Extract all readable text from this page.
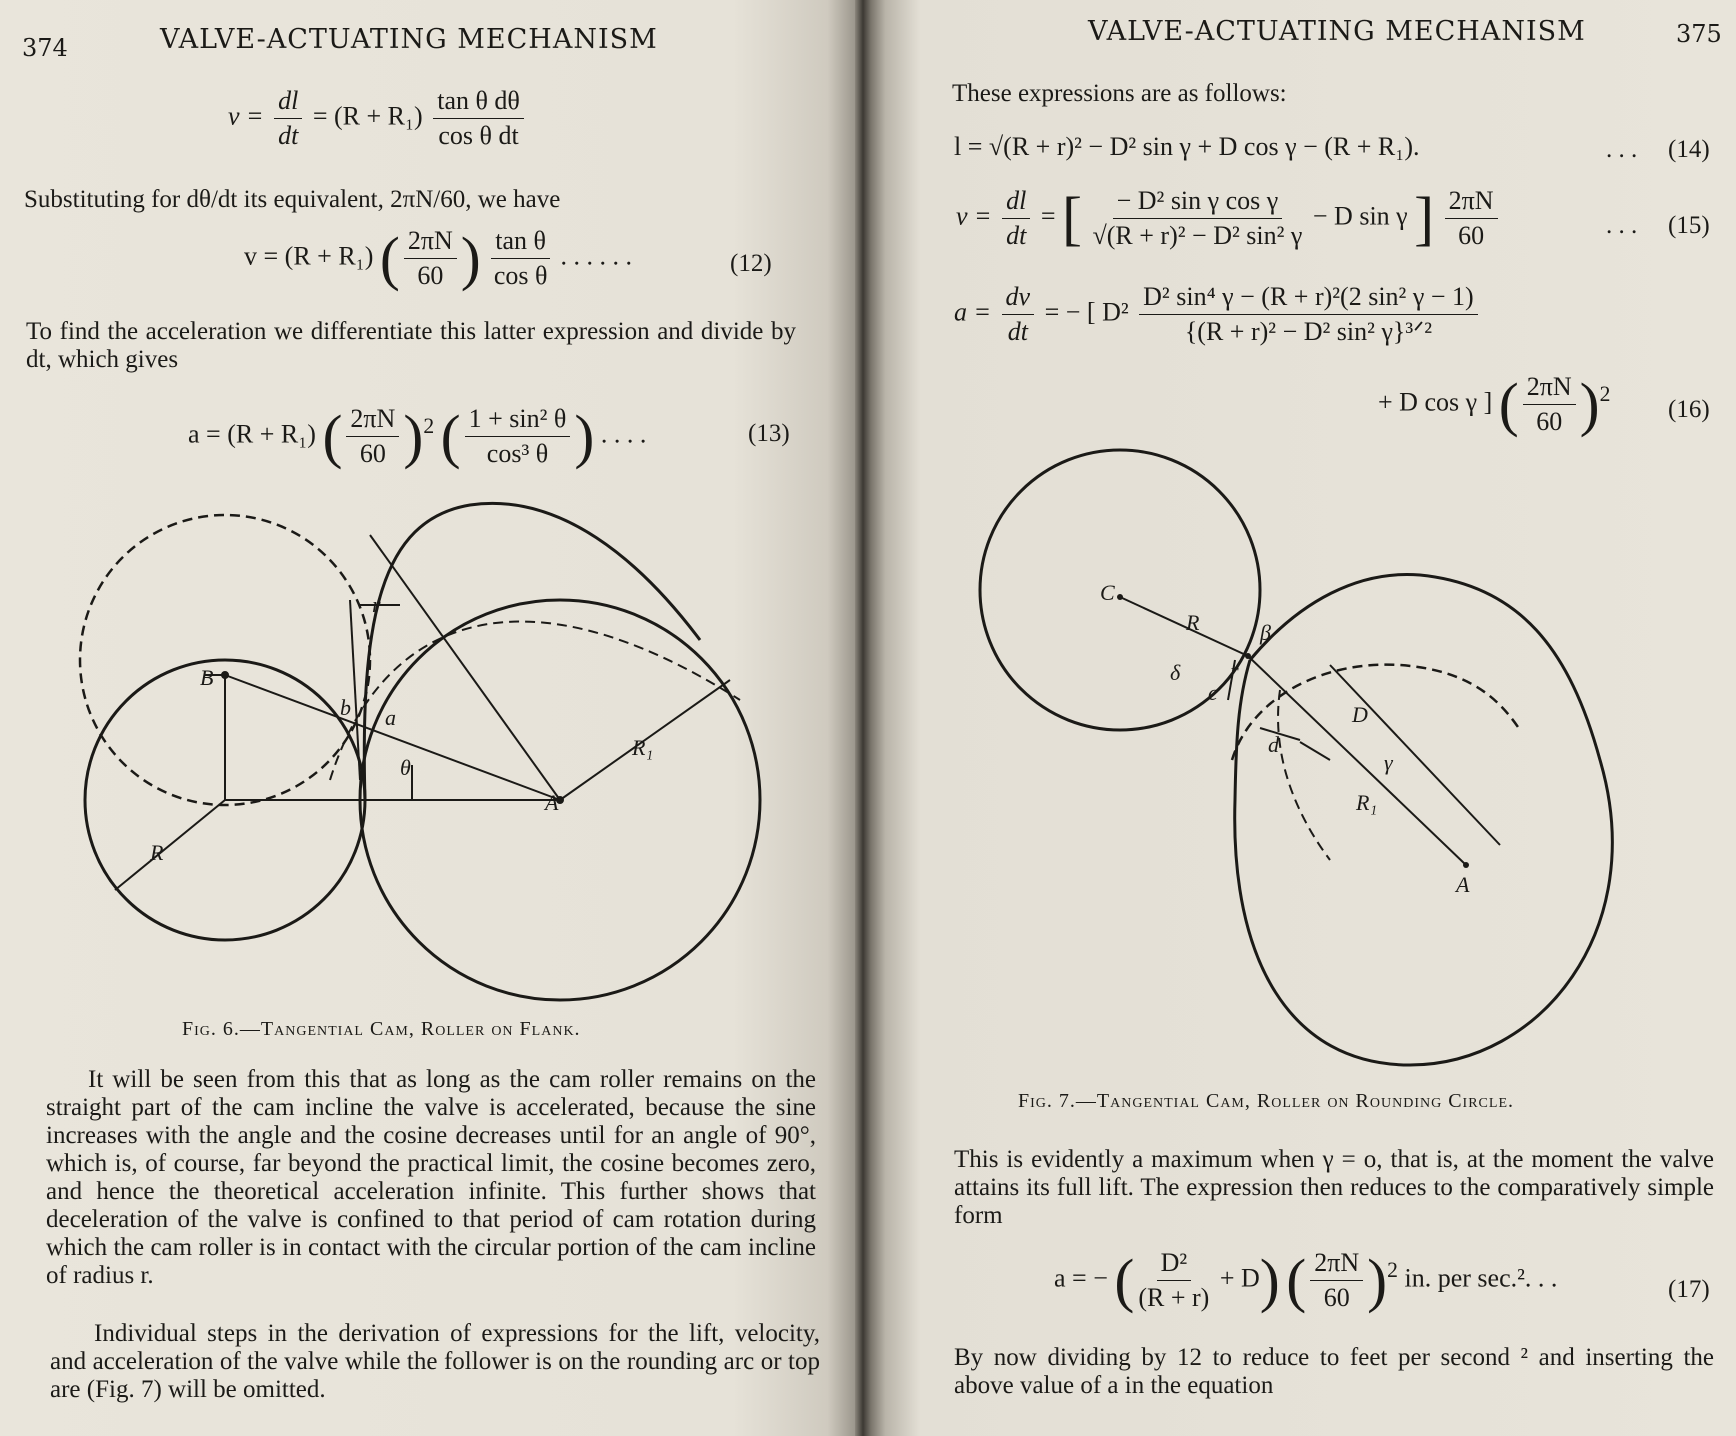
374	VALVE-ACTUATING MECHANISM
$v = \frac{dl}{dt} = (R + R_1) \frac{\text{tan θ dθ}}{\text{cos θ dt}}$
Substituting for dθ/dt its equivalent, 2πN/60, we have
v = (R + R₁) ( $\frac{2\pi N}{60}$ ) $\frac{\text{tan θ}}{\text{cos θ}}$ . . . . . .	(12)
To find the acceleration we differentiate this latter expression and divide by dt, which gives
a = (R + R₁) ( $\frac{2\pi N}{60} )^2$ ( $\frac{\text{1 + sin² θ}}{\text{cos³ θ}}$ ) . . . .	(13)
B
A
R
R₁
r
a
b
θ
Fig. 6.—Tangential Cam, Roller on Flank.
It will be seen from this that as long as the cam roller remains on the straight part of the cam incline the valve is accelerated, because the sine increases with the angle and the cosine decreases until for an angle of 90°, which is, of course, far beyond the practical limit, the cosine becomes zero, and hence the theoretical acceleration infinite. This further shows that deceleration of the valve is confined to that period of cam rotation during which the cam roller is in contact with the circular portion of the cam incline of radius r.
Individual steps in the derivation of expressions for the lift, velocity, and acceleration of the valve while the follower is on the rounding arc or top are (Fig. 7) will be omitted.
VALVE-ACTUATING MECHANISM	375
These expressions are as follows:
l = √(R + r)² − D² sin γ + D cos γ − (R + R₁).	. . . (14)
$v = \frac{dl}{dt}$ = [ $\frac{\text{− D² sin γ cos γ}}{\text{√(R + r)² − D² sin² γ}} - D$ sin γ ] $\frac{2\pi N}{60}$	. . . (15)
$a = \frac{dv}{dt}$ = − [ $D^2 \frac{\text{D² sin⁴ γ − (R + r)²(2 sin² γ − 1)}}{\text{\{(R + r)² − D² sin² γ\}³ᐟ²}}$
+ D cos γ ] ( $\frac{2\pi N}{60} )^2$
(16)
C
R	β
δ r
c
D
d
γ
R₁
A
Fig. 7.—Tangential Cam, Roller on Rounding Circle.
This is evidently a maximum when γ = o, that is, at the moment the valve attains its full lift. The expression then reduces to the comparatively simple form
a = − ( $\frac{\text{D²}}{(R + r)} + D$) ( $\frac{2\pi N}{60} )^2$ in. per sec.². . .	(17)
By now dividing by 12 to reduce to feet per second ² and inserting the above value of a in the equation
